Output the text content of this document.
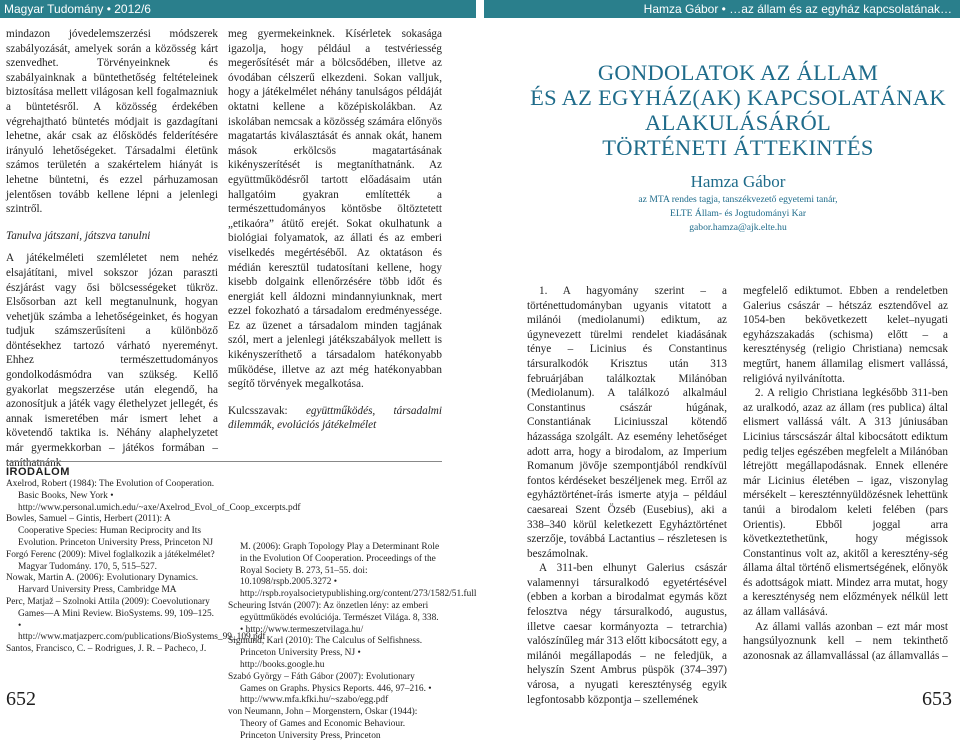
Magyar Tudomány • 2012/6	Hamza Gábor • …az állam és az egyház kapcsolatának…

mindazon jóvedelemszerzési módszerek szabályozását, amelyek során a közösség kárt szenvedhet. Törvényeinknek és szabályainknak a büntethetőség feltételeinek biztosítása mellett világosan kell fogalmazniuk a büntetésről. A közösség érdekében végrehajtható büntetés módjait is gazdagítani lehetne, akár csak az élősködés felderítésére irányuló lehetőségeket. Társadalmi életünk számos területén a szakértelem hiányát is lehetne büntetni, és ezzel párhuzamosan jelentősen tovább kellene lépni a jelenlegi szintről.

Tanulva játszani, játszva tanulni

A játékelméleti szemléletet nem nehéz elsajátítani, mivel sokszor józan paraszti észjárást vagy ősi bölcsességeket tükröz. Elsősorban azt kell megtanulnunk, hogyan vehetjük számba a lehetőségeinket, és hogyan tudjuk számszerűsíteni a különböző döntésekhez tartozó várható nyereményt. Ehhez természettudományos gondolkodásmódra van szükség. Kellő gyakorlat megszerzése után elegendő, ha azonosítjuk a játék vagy élethelyzet jellegét, és annak ismeretében már ismert lehet a követendő taktika is. Néhány alaphelyzetet már gyermekkorban – játékos formában – taníthatnánk

meg gyermekeinknek. Kísérletek sokasága igazolja, hogy például a testvériesség megerősítését már a bölcsődében, illetve az óvodában célszerű elkezdeni. Sokan valljuk, hogy a játékelmélet néhány tanulságos példáját oktatni kellene a középiskolákban. Az iskolában nemcsak a közösség számára előnyös magatartás kiválasztását és annak okát, hanem mások erkölcsös magatartásának kikényszerítését is megtaníthatnánk. Az együttműködésről tartott előadásaim után hallgatóim gyakran említették a természettudományos köntösbe öltöztetett „etikaóra” átütő erejét. Sokat okulhatunk a biológiai folyamatok, az állati és az emberi viselkedés megértéséből. Az oktatáson és médián keresztül tudatosítani kellene, hogy kisebb dolgaink ellenőrzésére több időt és energiát kell áldozni mindannyiunknak, mert ezzel fokozható a társadalom eredményessége. Ez az üzenet a társadalom minden tagjának szól, mert a jelenlegi játékszabályok mellett is kikényszeríthető a társadalom hatékonyabb működése, illetve az azt még hatékonyabban segítő törvények megalkotása.

Kulcsszavak: együttműködés, társadalmi dilemmák, evolúciós játékelmélet

IRODALOM

Axelrod, Robert (1984): The Evolution of Cooperation. Basic Books, New York • http://www.personal.umich.edu/~axe/Axelrod_Evol_of_Coop_excerpts.pdf

Bowles, Samuel – Gintis, Herbert (2011): A Cooperative Species: Human Reciprocity and Its Evolution. Princeton University Press, Princeton NJ

Forgó Ferenc (2009): Mivel foglalkozik a játékelmélet? Magyar Tudomány. 170, 5, 515–527.

Nowak, Martin A. (2006): Evolutionary Dynamics. Harvard University Press, Cambridge MA

Perc, Matjaž – Szolnoki Attila (2009): Coevolutionary Games—A Mini Review. BioSystems. 99, 109–125. • http://www.matjazperc.com/publications/BioSystems_99_109.pdf

Santos, Francisco, C. – Rodrigues, J. R. – Pacheco, J.

M. (2006): Graph Topology Play a Determinant Role in the Evolution Of Cooperation. Proceedings of the Royal Society B. 273, 51–55. doi: 10.1098/rspb.2005.3272 • http://rspb.royalsocietypublishing.org/content/273/1582/51.full

Scheuring István (2007): Az önzetlen lény: az emberi együttműködés evolúciója. Természet Világa. 8, 338. • http://www.termeszetvilaga.hu/

Sigmund, Karl (2010): The Calculus of Selfishness. Princeton University Press, NJ • http://books.google.hu

Szabó György – Fáth Gábor (2007): Evolutionary Games on Graphs. Physics Reports. 446, 97–216. • http://www.mfa.kfki.hu/~szabo/egg.pdf

von Neumann, John – Morgenstern, Oskar (1944): Theory of Games and Economic Behaviour. Princeton University Press, Princeton

652
GONDOLATOK AZ ÁLLAM
ÉS AZ EGYHÁZ(AK) KAPCSOLATÁNAK
ALAKULÁSÁRÓL
TÖRTÉNETI ÁTTEKINTÉS
Hamza Gábor
az MTA rendes tagja, tanszékvezető egyetemi tanár,
ELTE Állam- és Jogtudományi Kar
gabor.hamza@ajk.elte.hu

1. A hagyomány szerint – a történettudományban ugyanis vitatott a milánói (mediolanumi) ediktum, az úgynevezett türelmi rendelet kiadásának ténye – Licinius és Constantinus társuralkodók Krisztus után 313 februárjában találkoztak Milánóban (Mediolanum). A találkozó alkalmául Constantinus császár húgának, Constantiának Liciniusszal kötendő házassága szolgált. Az esemény lehetőséget adott arra, hogy a birodalom, az Imperium Romanum jövője szempontjából rendkívül fontos kérdéseket beszéljenek meg. Erről az egyháztörténet-írás ismerte atyja – például caesareai Szent Özséb (Eusebius), aki a 338–340 körül keletkezett Egyháztörténet szerzője, továbbá Lactantius – részletesen is beszámolnak.

A 311-ben elhunyt Galerius császár valamennyi társuralkodó egyetértésével (ebben a korban a birodalmat egymás közt felosztva négy társuralkodó, augustus, illetve caesar kormányozta – tetrarchia) valószínűleg már 313 előtt kibocsátott egy, a milánói megállapodás – ne feledjük, a helyszín Szent Ambrus püspök (374–397) városa, a nyugati kereszténység egyik legfontosabb központja – szellemének

megfelelő ediktumot. Ebben a rendeletben Galerius császár – hétszáz esztendővel az 1054-ben bekövetkezett kelet–nyugati egyházszakadás (schisma) előtt – a kereszténység (religio Christiana) nemcsak megtűrt, hanem államilag elismert vallássá, religióvá nyilvánította.

2. A religio Christiana legkésőbb 311-ben az uralkodó, azaz az állam (res publica) által elismert vallássá vált. A 313 júniusában Licinius társcsászár által kibocsátott ediktum pedig teljes egészében megfelelt a Milánóban létrejött megállapodásnak. Ennek ellenére már Licinius életében – igaz, viszonylag mérsékelt – kereszténnyüldözésnek lehettünk tanúi a birodalom keleti felében (pars Orientis). Ebből joggal arra következtethetünk, hogy mégissok Constantinus volt az, akitől a keresztény-ség állama által történő elismertségének, előnyök és adottságok miatt. Mindez arra mutat, hogy a kereszténység nem előzmények nélkül lett az állam vallásává.

Az állami vallás azonban – ezt már most hangsúlyoznunk kell – nem tekinthető azonosnak az államvallással (az államvallás –

653
